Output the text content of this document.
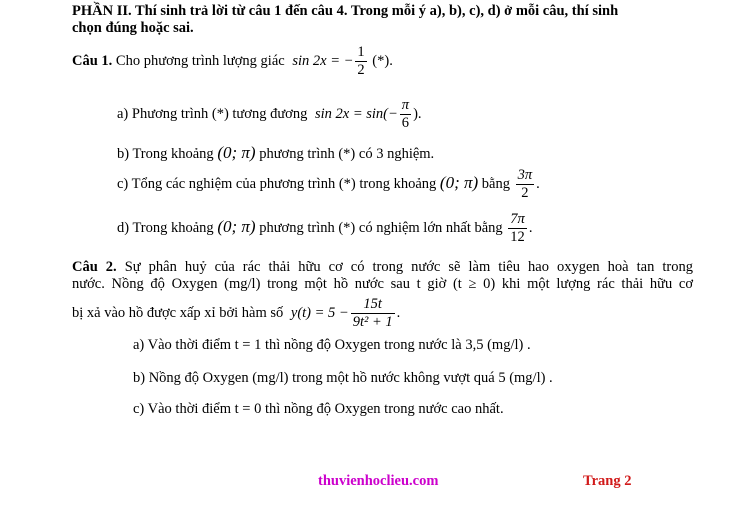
PHẦN II. Thí sinh trả lời từ câu 1 đến câu 4. Trong mỗi ý a), b), c), d) ở mỗi câu, thí sinh
chọn đúng hoặc sai.
Câu 1. Cho phương trình lượng giác sin 2x = − $\frac{1}{2}$ (*).
a) Phương trình (*) tương đương $\sin 2x = \sin(- \frac{\pi}{6}$ ).
b) Trong khoảng (0; π) phương trình (*) có 3 nghiệm.
c) Tổng các nghiệm của phương trình (*) trong khoảng (0; π) bằng $\frac{3\pi}{2}$ .
d) Trong khoảng (0; π) phương trình (*) có nghiệm lớn nhất bằng $\frac{7\pi}{12}$ .
Câu 2. Sự phân huỷ của rác thải hữu cơ có trong nước sẽ làm tiêu hao oxygen hoà tan trong
nước. Nồng độ Oxygen (mg/l) trong một hồ nước sau t giờ (t ≥ 0) khi một lượng rác thải hữu cơ
bị xả vào hồ được xấp xỉ bởi hàm số $y(t) = 5 - \frac{15t}{\text{9t² + 1}}$ .
a) Vào thời điểm t = 1 thì nồng độ Oxygen trong nước là 3,5 (mg/l) .
b) Nồng độ Oxygen (mg/l) trong một hồ nước không vượt quá 5 (mg/l) .
c) Vào thời điểm t = 0 thì nồng độ Oxygen trong nước cao nhất.
thuvienhoclieu.com	Trang 2
